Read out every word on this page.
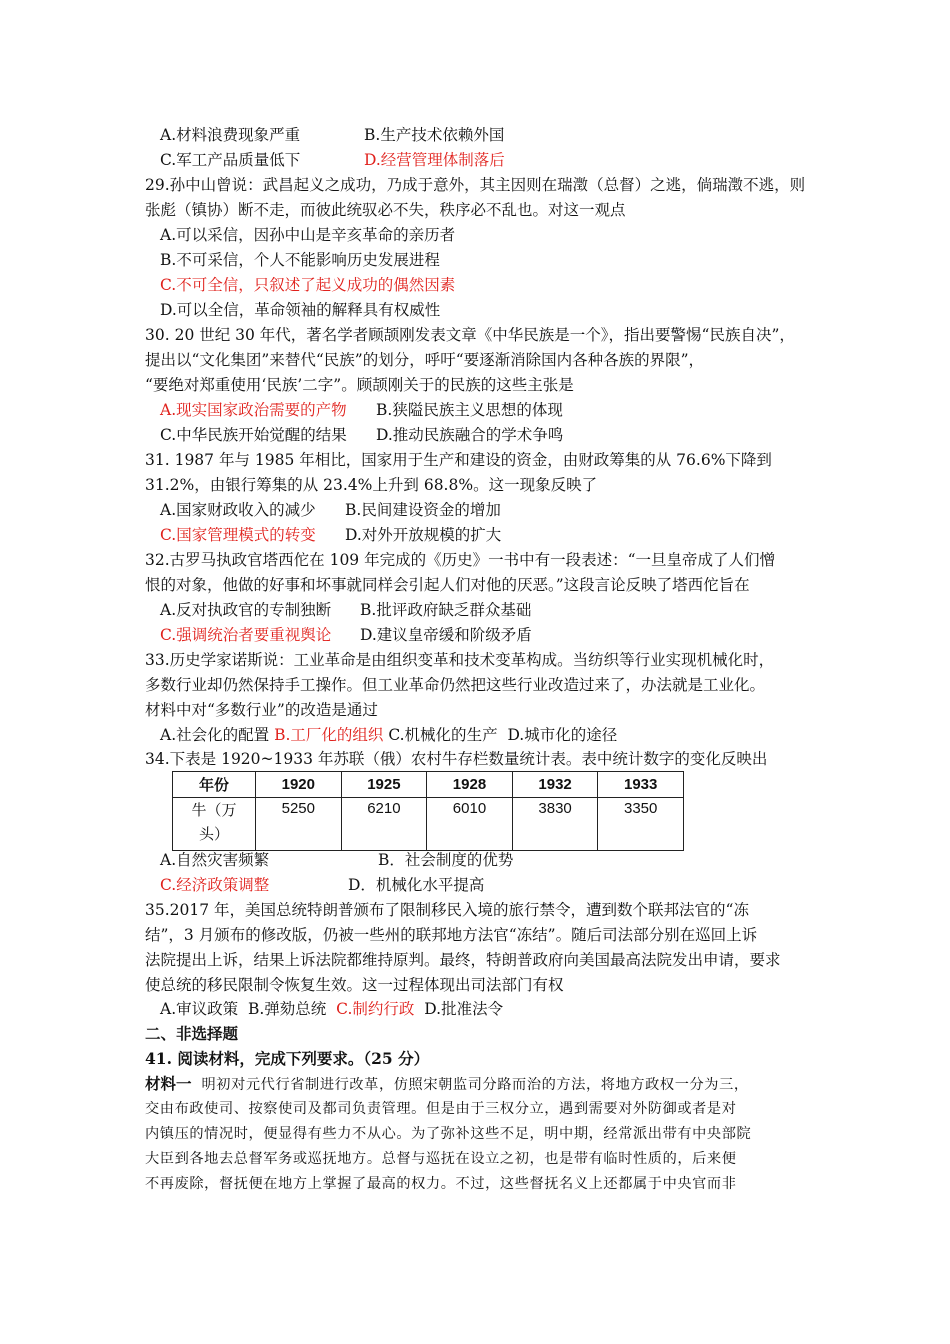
A.材料浪费现象严重	B.生产技术依赖外国
C.军工产品质量低下	D.经营管理体制落后
29.孙中山曾说：武昌起义之成功，乃成于意外，其主因则在瑞澂（总督）之逃，倘瑞澂不逃，则
张彪（镇协）断不走，而彼此统驭必不失，秩序必不乱也。对这一观点
A.可以采信，因孙中山是辛亥革命的亲历者
B.不可采信，个人不能影响历史发展进程
C.不可全信，只叙述了起义成功的偶然因素
D.可以全信，革命领袖的解释具有权威性
30. 20 世纪 30 年代，著名学者顾颉刚发表文章《中华民族是一个》，指出要警惕“民族自决”，
提出以“文化集团”来替代“民族”的划分，呼吁“要逐渐消除国内各种各族的界限”，
“要绝对郑重使用‘民族’二字”。顾颉刚关于的民族的这些主张是
A.现实国家政治需要的产物 B.狭隘民族主义思想的体现
C.中华民族开始觉醒的结果 D.推动民族融合的学术争鸣
31. 1987 年与 1985 年相比，国家用于生产和建设的资金，由财政筹集的从 76.6%下降到
31.2%，由银行筹集的从 23.4%上升到 68.8%。这一现象反映了
A.国家财政收入的减少 B.民间建设资金的增加
C.国家管理模式的转变 D.对外开放规模的扩大
32.古罗马执政官塔西佗在 109 年完成的《历史》一书中有一段表述：“一旦皇帝成了人们憎
恨的对象，他做的好事和坏事就同样会引起人们对他的厌恶。”这段言论反映了塔西佗旨在
A.反对执政官的专制独断 B.批评政府缺乏群众基础
C.强调统治者要重视舆论 D.建议皇帝缓和阶级矛盾
33.历史学家诺斯说：工业革命是由组织变革和技术变革构成。当纺织等行业实现机械化时，
多数行业却仍然保持手工操作。但工业革命仍然把这些行业改造过来了，办法就是工业化。
材料中对“多数行业”的改造是通过
A.社会化的配置 B.工厂化的组织 C.机械化的生产 D.城市化的途径
34.下表是 1920~1933 年苏联（俄）农村牛存栏数量统计表。表中统计数字的变化反映出
年份	1920	1925	1928	1932	1933
牛（万
头）	5250	6210	6010	3830	3350
A.自然灾害频繁	B．社会制度的优势
C.经济政策调整	D．机械化水平提高
35.2017 年，美国总统特朗普颁布了限制移民入境的旅行禁令，遭到数个联邦法官的“冻
结”，3 月颁布的修改版，仍被一些州的联邦地方法官“冻结”。随后司法部分别在巡回上诉
法院提出上诉，结果上诉法院都维持原判。最终，特朗普政府向美国最高法院发出申请，要求
使总统的移民限制令恢复生效。这一过程体现出司法部门有权
A.审议政策 B.弹劾总统 C.制约行政 D.批准法令
二、非选择题
41. 阅读材料，完成下列要求。（25 分）
材料一 明初对元代行省制进行改革，仿照宋朝监司分路而治的方法，将地方政权一分为三，
交由布政使司、按察使司及都司负责管理。但是由于三权分立，遇到需要对外防御或者是对
内镇压的情况时，便显得有些力不从心。为了弥补这些不足，明中期，经常派出带有中央部院
大臣到各地去总督军务或巡抚地方。总督与巡抚在设立之初，也是带有临时性质的，后来便
不再废除，督抚便在地方上掌握了最高的权力。不过，这些督抚名义上还都属于中央官而非
